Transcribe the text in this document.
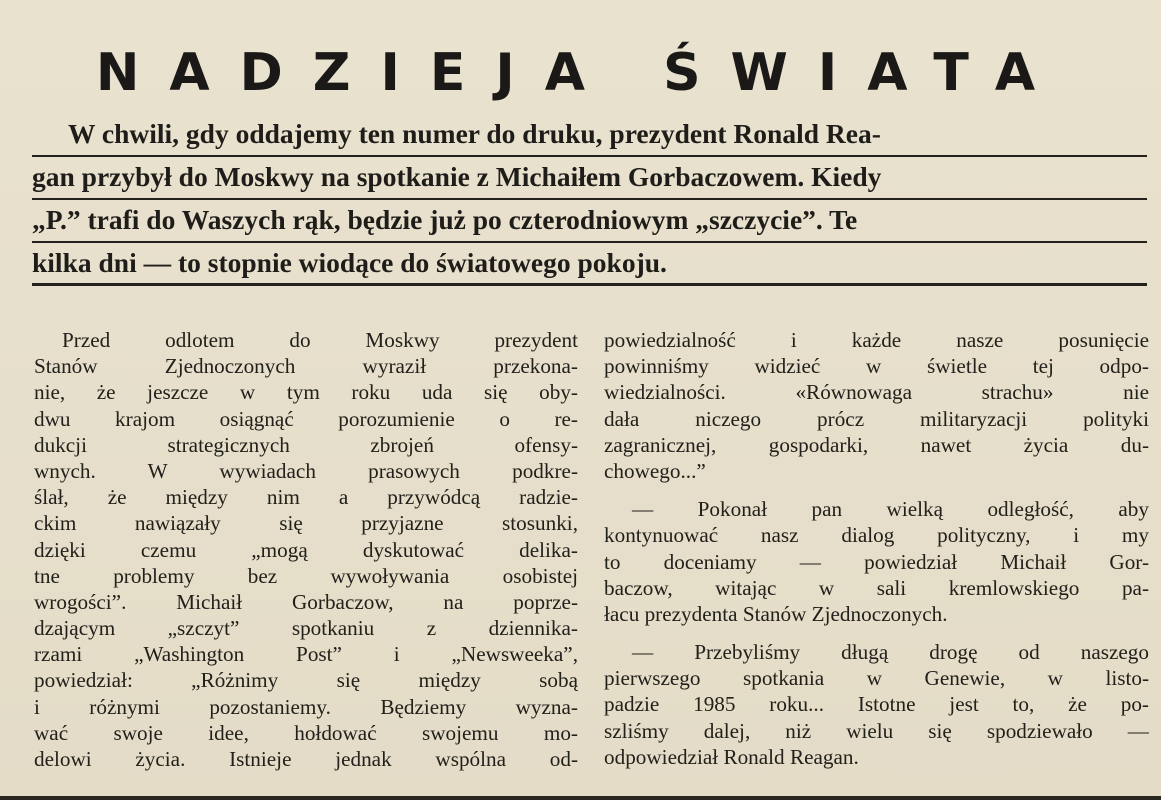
NADZIEJA ŚWIATA
W chwili, gdy oddajemy ten numer do druku, prezydent Ronald Rea-
gan przybył do Moskwy na spotkanie z Michaiłem Gorbaczowem. Kiedy
„P.” trafi do Waszych rąk, będzie już po czterodniowym „szczycie”. Te
kilka dni — to stopnie wiodące do światowego pokoju.

Przed odlotem do Moskwy prezydent
Stanów Zjednoczonych wyraził przekona-
nie, że jeszcze w tym roku uda się oby-
dwu krajom osiągnąć porozumienie o re-
dukcji strategicznych zbrojeń ofensy-
wnych. W wywiadach prasowych podkre-
ślał, że między nim a przywódcą radzie-
ckim nawiązały się przyjazne stosunki,
dzięki czemu „mogą dyskutować delika-
tne problemy bez wywoływania osobistej
wrogości”. Michaił Gorbaczow, na poprze-
dzającym „szczyt” spotkaniu z dziennika-
rzami „Washington Post” i „Newsweeka”,
powiedział: „Różnimy się między sobą
i różnymi pozostaniemy. Będziemy wyzna-
wać swoje idee, hołdować swojemu mo-
delowi życia. Istnieje jednak wspólna od-

powiedzialność i każde nasze posunięcie
powinniśmy widzieć w świetle tej odpo-
wiedzialności. «Równowaga strachu» nie
dała niczego prócz militaryzacji polityki
zagranicznej, gospodarki, nawet życia du-
chowego...”

— Pokonał pan wielką odległość, aby
kontynuować nasz dialog polityczny, i my
to doceniamy — powiedział Michaił Gor-
baczow, witając w sali kremlowskiego pa-
łacu prezydenta Stanów Zjednoczonych.

— Przebyliśmy długą drogę od naszego
pierwszego spotkania w Genewie, w listo-
padzie 1985 roku... Istotne jest to, że po-
szliśmy dalej, niż wielu się spodziewało —
odpowiedział Ronald Reagan.
